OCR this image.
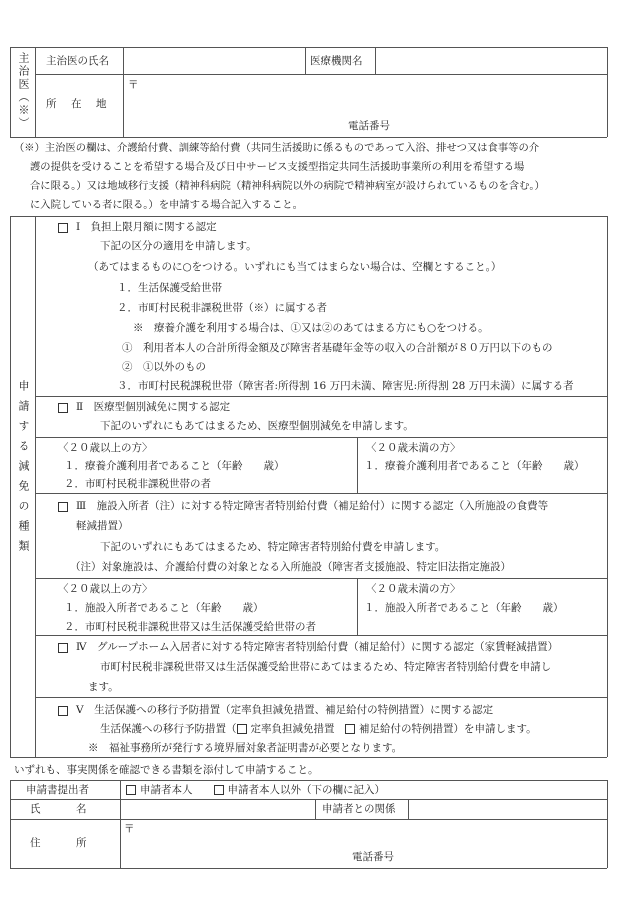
主治医（※） 主治医の氏名	医療機関名
所　在　地
〒
電話番号
（※）主治医の欄は、介護給付費、訓練等給付費（共同生活援助に係るものであって入浴、排せつ又は食事等の介
護の提供を受けることを希望する場合及び日中サービス支援型指定共同生活援助事業所の利用を希望する場
合に限る。）又は地域移行支援（精神科病院（精神科病院以外の病院で精神病室が設けられているものを含む。）
に入院している者に限る。）を申請する場合記入すること。
申請する減免の種類
Ⅰ　負担上限月額に関する認定
下記の区分の適用を申請します。
（あてはまるものに○をつける。いずれにも当てはまらない場合は、空欄とすること。）
１．生活保護受給世帯
２．市町村民税非課税世帯（※）に属する者
※　療養介護を利用する場合は、①又は②のあてはまる方にも○をつける。
①　利用者本人の合計所得金額及び障害者基礎年金等の収入の合計額が８０万円以下のもの
②　①以外のもの
３．市町村民税課税世帯（障害者:所得割 16 万円未満、障害児:所得割 28 万円未満）に属する者
Ⅱ　医療型個別減免に関する認定
下記のいずれにもあてはまるため、医療型個別減免を申請します。
〈２０歳以上の方〉
１．療養介護利用者であること（年齢　　歳）
２．市町村民税非課税世帯の者
〈２０歳未満の方〉
１．療養介護利用者であること（年齢　　歳）
Ⅲ　施設入所者（注）に対する特定障害者特別給付費（補足給付）に関する認定（入所施設の食費等
軽減措置）
下記のいずれにもあてはまるため、特定障害者特別給付費を申請します。
（注）対象施設は、介護給付費の対象となる入所施設（障害者支援施設、特定旧法指定施設）
〈２０歳以上の方〉
１．施設入所者であること（年齢　　歳）
２．市町村民税非課税世帯又は生活保護受給世帯の者
〈２０歳未満の方〉
１．施設入所者であること（年齢　　歳）
Ⅳ　グループホーム入居者に対する特定障害者特別給付費（補足給付）に関する認定（家賃軽減措置）
市町村民税非課税世帯又は生活保護受給世帯にあてはまるため、特定障害者特別給付費を申請し
ます。
Ⅴ　生活保護への移行予防措置（定率負担減免措置、補足給付の特例措置）に関する認定
生活保護への移行予防措置（ 定率負担減免措置　 補足給付の特例措置）を申請します。
※　福祉事務所が発行する境界層対象者証明書が必要となります。
いずれも、事実関係を確認できる書類を添付して申請すること。
申請書提出者	申請者本人　　	申請者本人以外（下の欄に記入）
氏　　　名	申請者との関係
住　　　所
〒
電話番号
